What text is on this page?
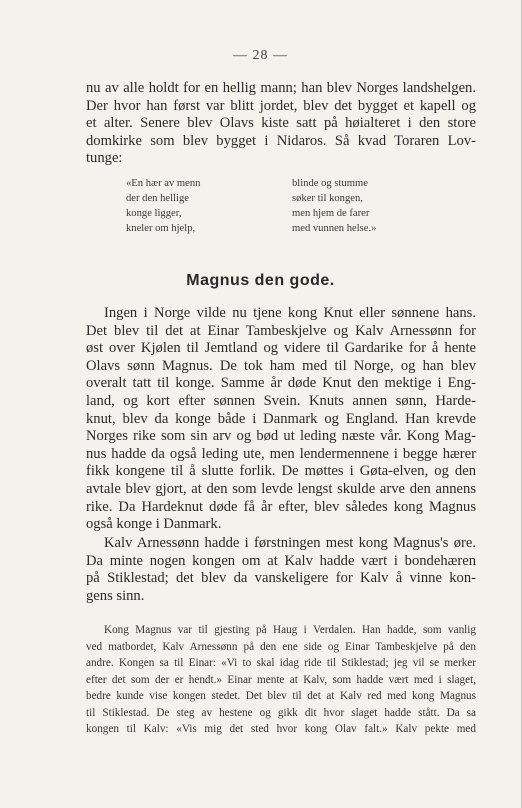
— 28 —
nu av alle holdt for en hellig mann; han blev Norges landshelgen.
Der hvor han først var blitt jordet, blev det bygget et kapell og
et alter. Senere blev Olavs kiste satt på høialteret i den store
domkirke som blev bygget i Nidaros. Så kvad Toraren Lov-
tunge:
«En hær av menn
der den hellige
konge ligger,
kneler om hjelp,
blinde og stumme
søker til kongen,
men hjem de farer
med vunnen helse.»
Magnus den gode.
Ingen i Norge vilde nu tjene kong Knut eller sønnene hans.
Det blev til det at Einar Tambeskjelve og Kalv Arnessønn for
øst over Kjølen til Jemtland og videre til Gardarike for å hente
Olavs sønn Magnus. De tok ham med til Norge, og han blev
overalt tatt til konge. Samme år døde Knut den mektige i Eng-
land, og kort efter sønnen Svein. Knuts annen sønn, Harde-
knut, blev da konge både i Danmark og England. Han krevde
Norges rike som sin arv og bød ut leding næste vår. Kong Mag-
nus hadde da også leding ute, men lendermennene i begge hærer
fikk kongene til å slutte forlik. De møttes i Gøta-elven, og den
avtale blev gjort, at den som levde lengst skulde arve den annens
rike. Da Hardeknut døde få år efter, blev således kong Magnus
også konge i Danmark.
Kalv Arnessønn hadde i førstningen mest kong Magnus's øre.
Da minte nogen kongen om at Kalv hadde vært i bondehæren
på Stiklestad; det blev da vanskeligere for Kalv å vinne kon-
gens sinn.
Kong Magnus var til gjesting på Haug i Verdalen. Han hadde, som vanlig
ved matbordet, Kalv Arnessønn på den ene side og Einar Tambeskjelve på den
andre. Kongen sa til Einar: «Vi to skal idag ride til Stiklestad; jeg vil se merker
efter det som der er hendt.» Einar mente at Kalv, som hadde vært med i slaget,
bedre kunde vise kongen stedet. Det blev til det at Kalv red med kong Magnus
til Stiklestad. De steg av hestene og gikk dit hvor slaget hadde stått. Da sa
kongen til Kalv: «Vis mig det sted hvor kong Olav falt.» Kalv pekte med
